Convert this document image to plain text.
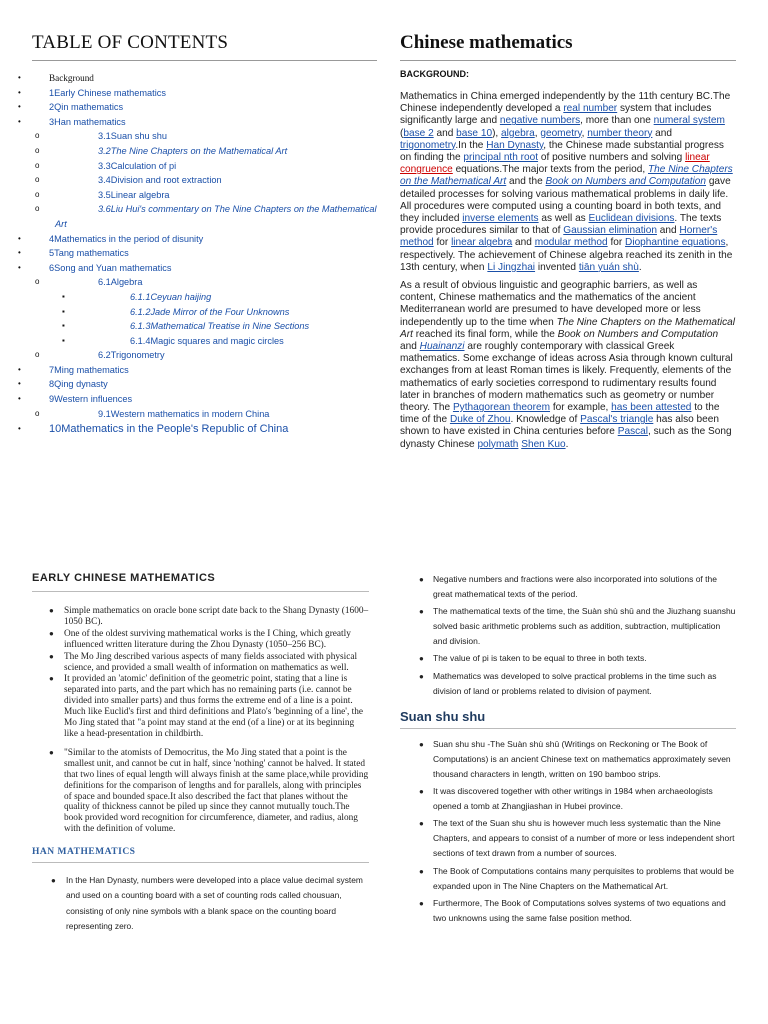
TABLE OF CONTENTS
•	Background
•	1Early Chinese mathematics
•	2Qin mathematics
•	3Han mathematics
o	3.1Suan shu shu
o	3.2The Nine Chapters on the Mathematical Art
o	3.3Calculation of pi
o	3.4Division and root extraction
o	3.5Linear algebra
o	3.6Liu Hui's commentary on The Nine Chapters on the Mathematical Art
•	4Mathematics in the period of disunity
•	5Tang mathematics
•	6Song and Yuan mathematics
o	6.1Algebra
▪	6.1.1Ceyuan haijing
▪	6.1.2Jade Mirror of the Four Unknowns
▪	6.1.3Mathematical Treatise in Nine Sections
▪	6.1.4Magic squares and magic circles
o	6.2Trigonometry
•	7Ming mathematics
•	8Qing dynasty
•	9Western influences
o	9.1Western mathematics in modern China
•	10Mathematics in the People's Republic of China
Chinese mathematics
BACKGROUND:

Mathematics in China emerged independently by the 11th century BC.The Chinese independently developed a real number system that includes significantly large and negative numbers, more than one numeral system (base 2 and base 10), algebra, geometry, number theory and trigonometry.In the Han Dynasty, the Chinese made substantial progress on finding the principal nth root of positive numbers and solving linear congruence equations.The major texts from the period, The Nine Chapters on the Mathematical Art and the Book on Numbers and Computation gave detailed processes for solving various mathematical problems in daily life. All procedures were computed using a counting board in both texts, and they included inverse elements as well as Euclidean divisions. The texts provide procedures similar to that of Gaussian elimination and Horner's method for linear algebra and modular method for Diophantine equations, respectively. The achievement of Chinese algebra reached its zenith in the 13th century, when Li Jingzhai invented tiān yuán shù.

As a result of obvious linguistic and geographic barriers, as well as content, Chinese mathematics and the mathematics of the ancient Mediterranean world are presumed to have developed more or less independently up to the time when The Nine Chapters on the Mathematical Art reached its final form, while the Book on Numbers and Computation and Huainanzi are roughly contemporary with classical Greek mathematics. Some exchange of ideas across Asia through known cultural exchanges from at least Roman times is likely. Frequently, elements of the mathematics of early societies correspond to rudimentary results found later in branches of modern mathematics such as geometry or number theory. The Pythagorean theorem for example, has been attested to the time of the Duke of Zhou. Knowledge of Pascal's triangle has also been shown to have existed in China centuries before Pascal, such as the Song dynasty Chinese polymath Shen Kuo.

EARLY CHINESE MATHEMATICS
● Simple mathematics on oracle bone script date back to the Shang Dynasty (1600–1050 BC).
● One of the oldest surviving mathematical works is the I Ching, which greatly influenced written literature during the Zhou Dynasty (1050–256 BC).
● The Mo Jing described various aspects of many fields associated with physical science, and provided a small wealth of information on mathematics as well.
● It provided an 'atomic' definition of the geometric point, stating that a line is separated into parts, and the part which has no remaining parts (i.e. cannot be divided into smaller parts) and thus forms the extreme end of a line is a point. Much like Euclid's first and third definitions and Plato's 'beginning of a line', the Mo Jing stated that "a point may stand at the end (of a line) or at its beginning like a head-presentation in childbirth.
● "Similar to the atomists of Democritus, the Mo Jing stated that a point is the smallest unit, and cannot be cut in half, since 'nothing' cannot be halved. It stated that two lines of equal length will always finish at the same place,while providing definitions for the comparison of lengths and for parallels, along with principles of space and bounded space.It also described the fact that planes without the quality of thickness cannot be piled up since they cannot mutually touch.The book provided word recognition for circumference, diameter, and radius, along with the definition of volume.
HAN MATHEMATICS
● In the Han Dynasty, numbers were developed into a place value decimal system and used on a counting board with a set of counting rods called chousuan, consisting of only nine symbols with a blank space on the counting board representing zero.
● Negative numbers and fractions were also incorporated into solutions of the great mathematical texts of the period.
● The mathematical texts of the time, the Suàn shù shū and the Jiuzhang suanshu solved basic arithmetic problems such as addition, subtraction, multiplication and division.
● The value of pi is taken to be equal to three in both texts.
● Mathematics was developed to solve practical problems in the time such as division of land or problems related to division of payment.
Suan shu shu
● Suan shu shu -The Suàn shù shū (Writings on Reckoning or The Book of Computations) is an ancient Chinese text on mathematics approximately seven thousand characters in length, written on 190 bamboo strips.
● It was discovered together with other writings in 1984 when archaeologists opened a tomb at Zhangjiashan in Hubei province.
● The text of the Suan shu shu is however much less systematic than the Nine Chapters, and appears to consist of a number of more or less independent short sections of text drawn from a number of sources.
● The Book of Computations contains many perquisites to problems that would be expanded upon in The Nine Chapters on the Mathematical Art.
● Furthermore, The Book of Computations solves systems of two equations and two unknowns using the same false position method.
